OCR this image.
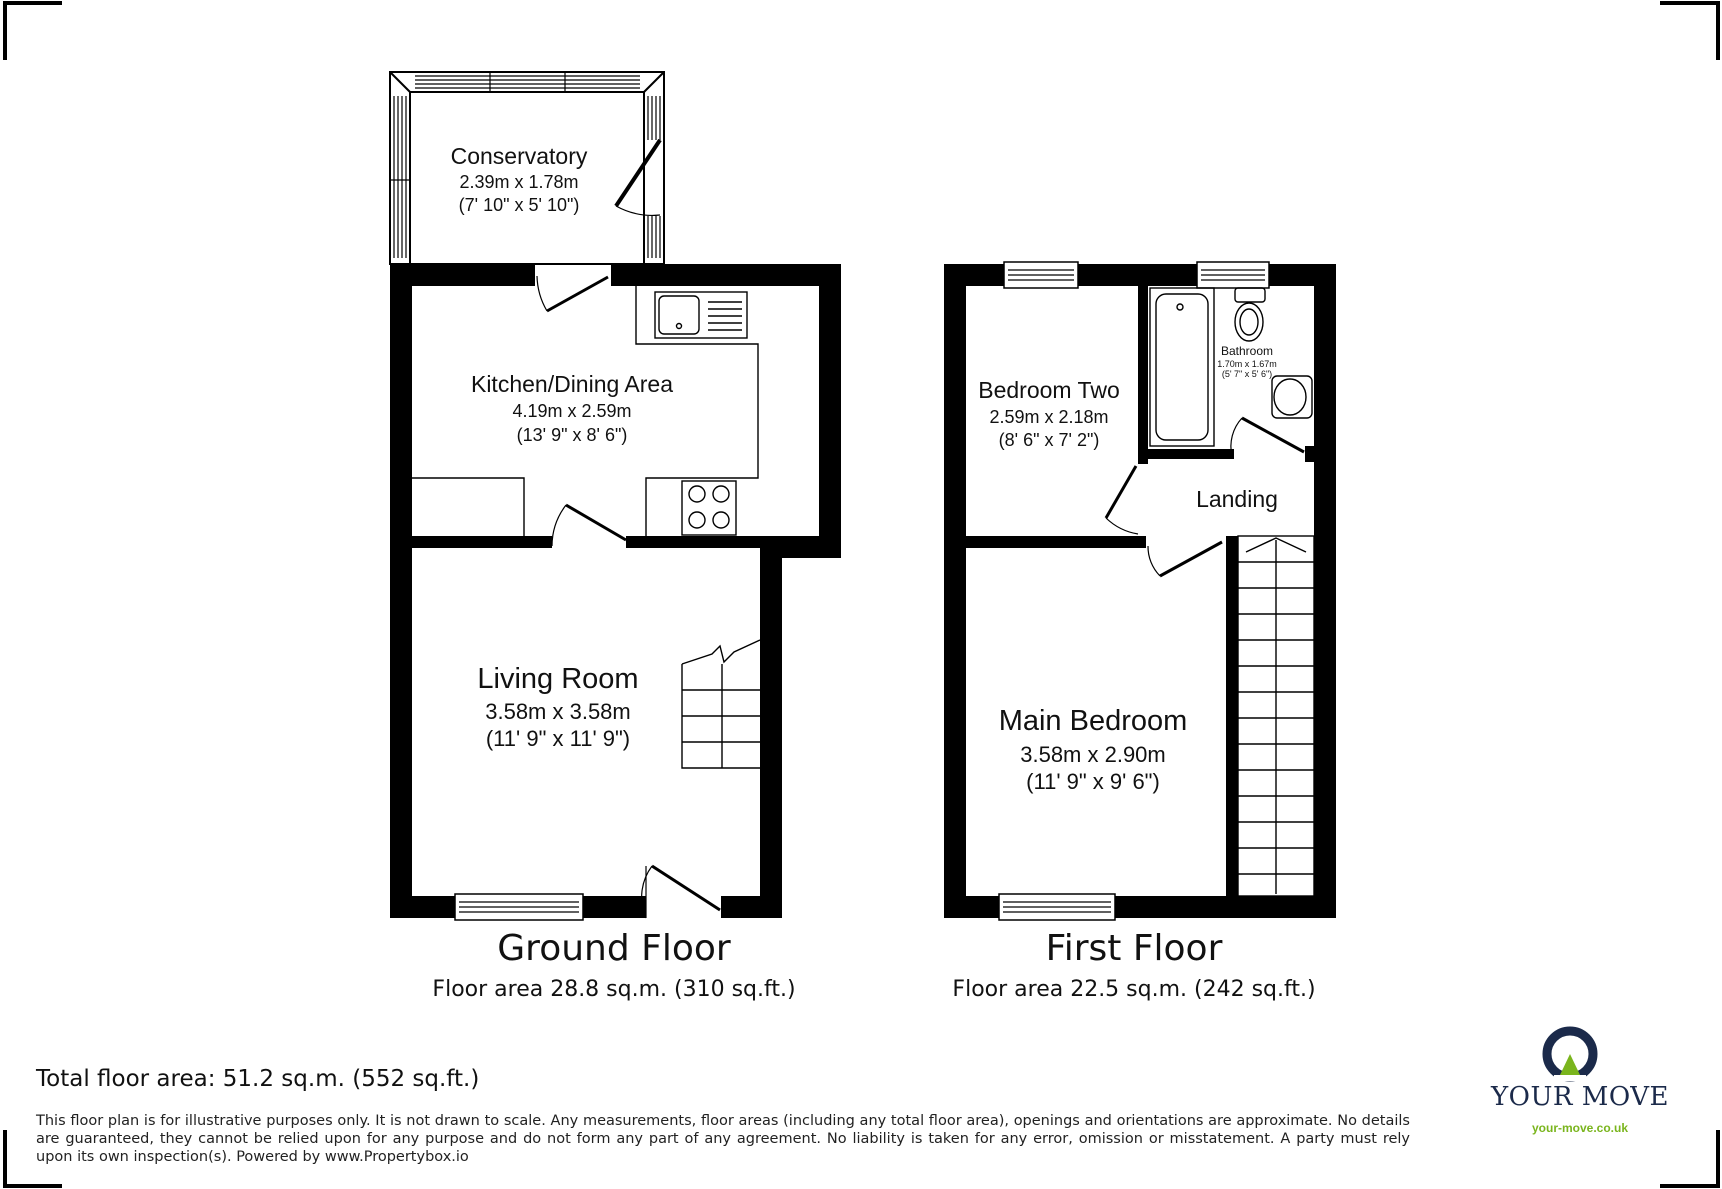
Conservatory
2.39m x 1.78m
(7' 10" x 5' 10")
Kitchen/Dining Area
4.19m x 2.59m
(13' 9" x 8' 6")
Living Room
3.58m x 3.58m
(11' 9" x 11' 9")
Bedroom Two
2.59m x 2.18m
(8' 6" x 7' 2")
Bathroom
1.70m x 1.67m
(5' 7" x 5' 6")
Landing
Main Bedroom
3.58m x 2.90m
(11' 9" x 9' 6")
Ground Floor
Floor area 28.8 sq.m. (310 sq.ft.)
First Floor
Floor area 22.5 sq.m. (242 sq.ft.)
Total floor area: 51.2 sq.m. (552 sq.ft.)
This floor plan is for illustrative purposes only. It is not drawn to scale. Any measurements, floor areas (including any total floor area), openings and orientations are approximate. No details are guaranteed, they cannot be relied upon for any purpose and do not form any part of any agreement. No liability is taken for any error, omission or misstatement. A party must rely upon its own inspection(s). Powered by www.Propertybox.io
YOUR MOVE
your-move.co.uk
